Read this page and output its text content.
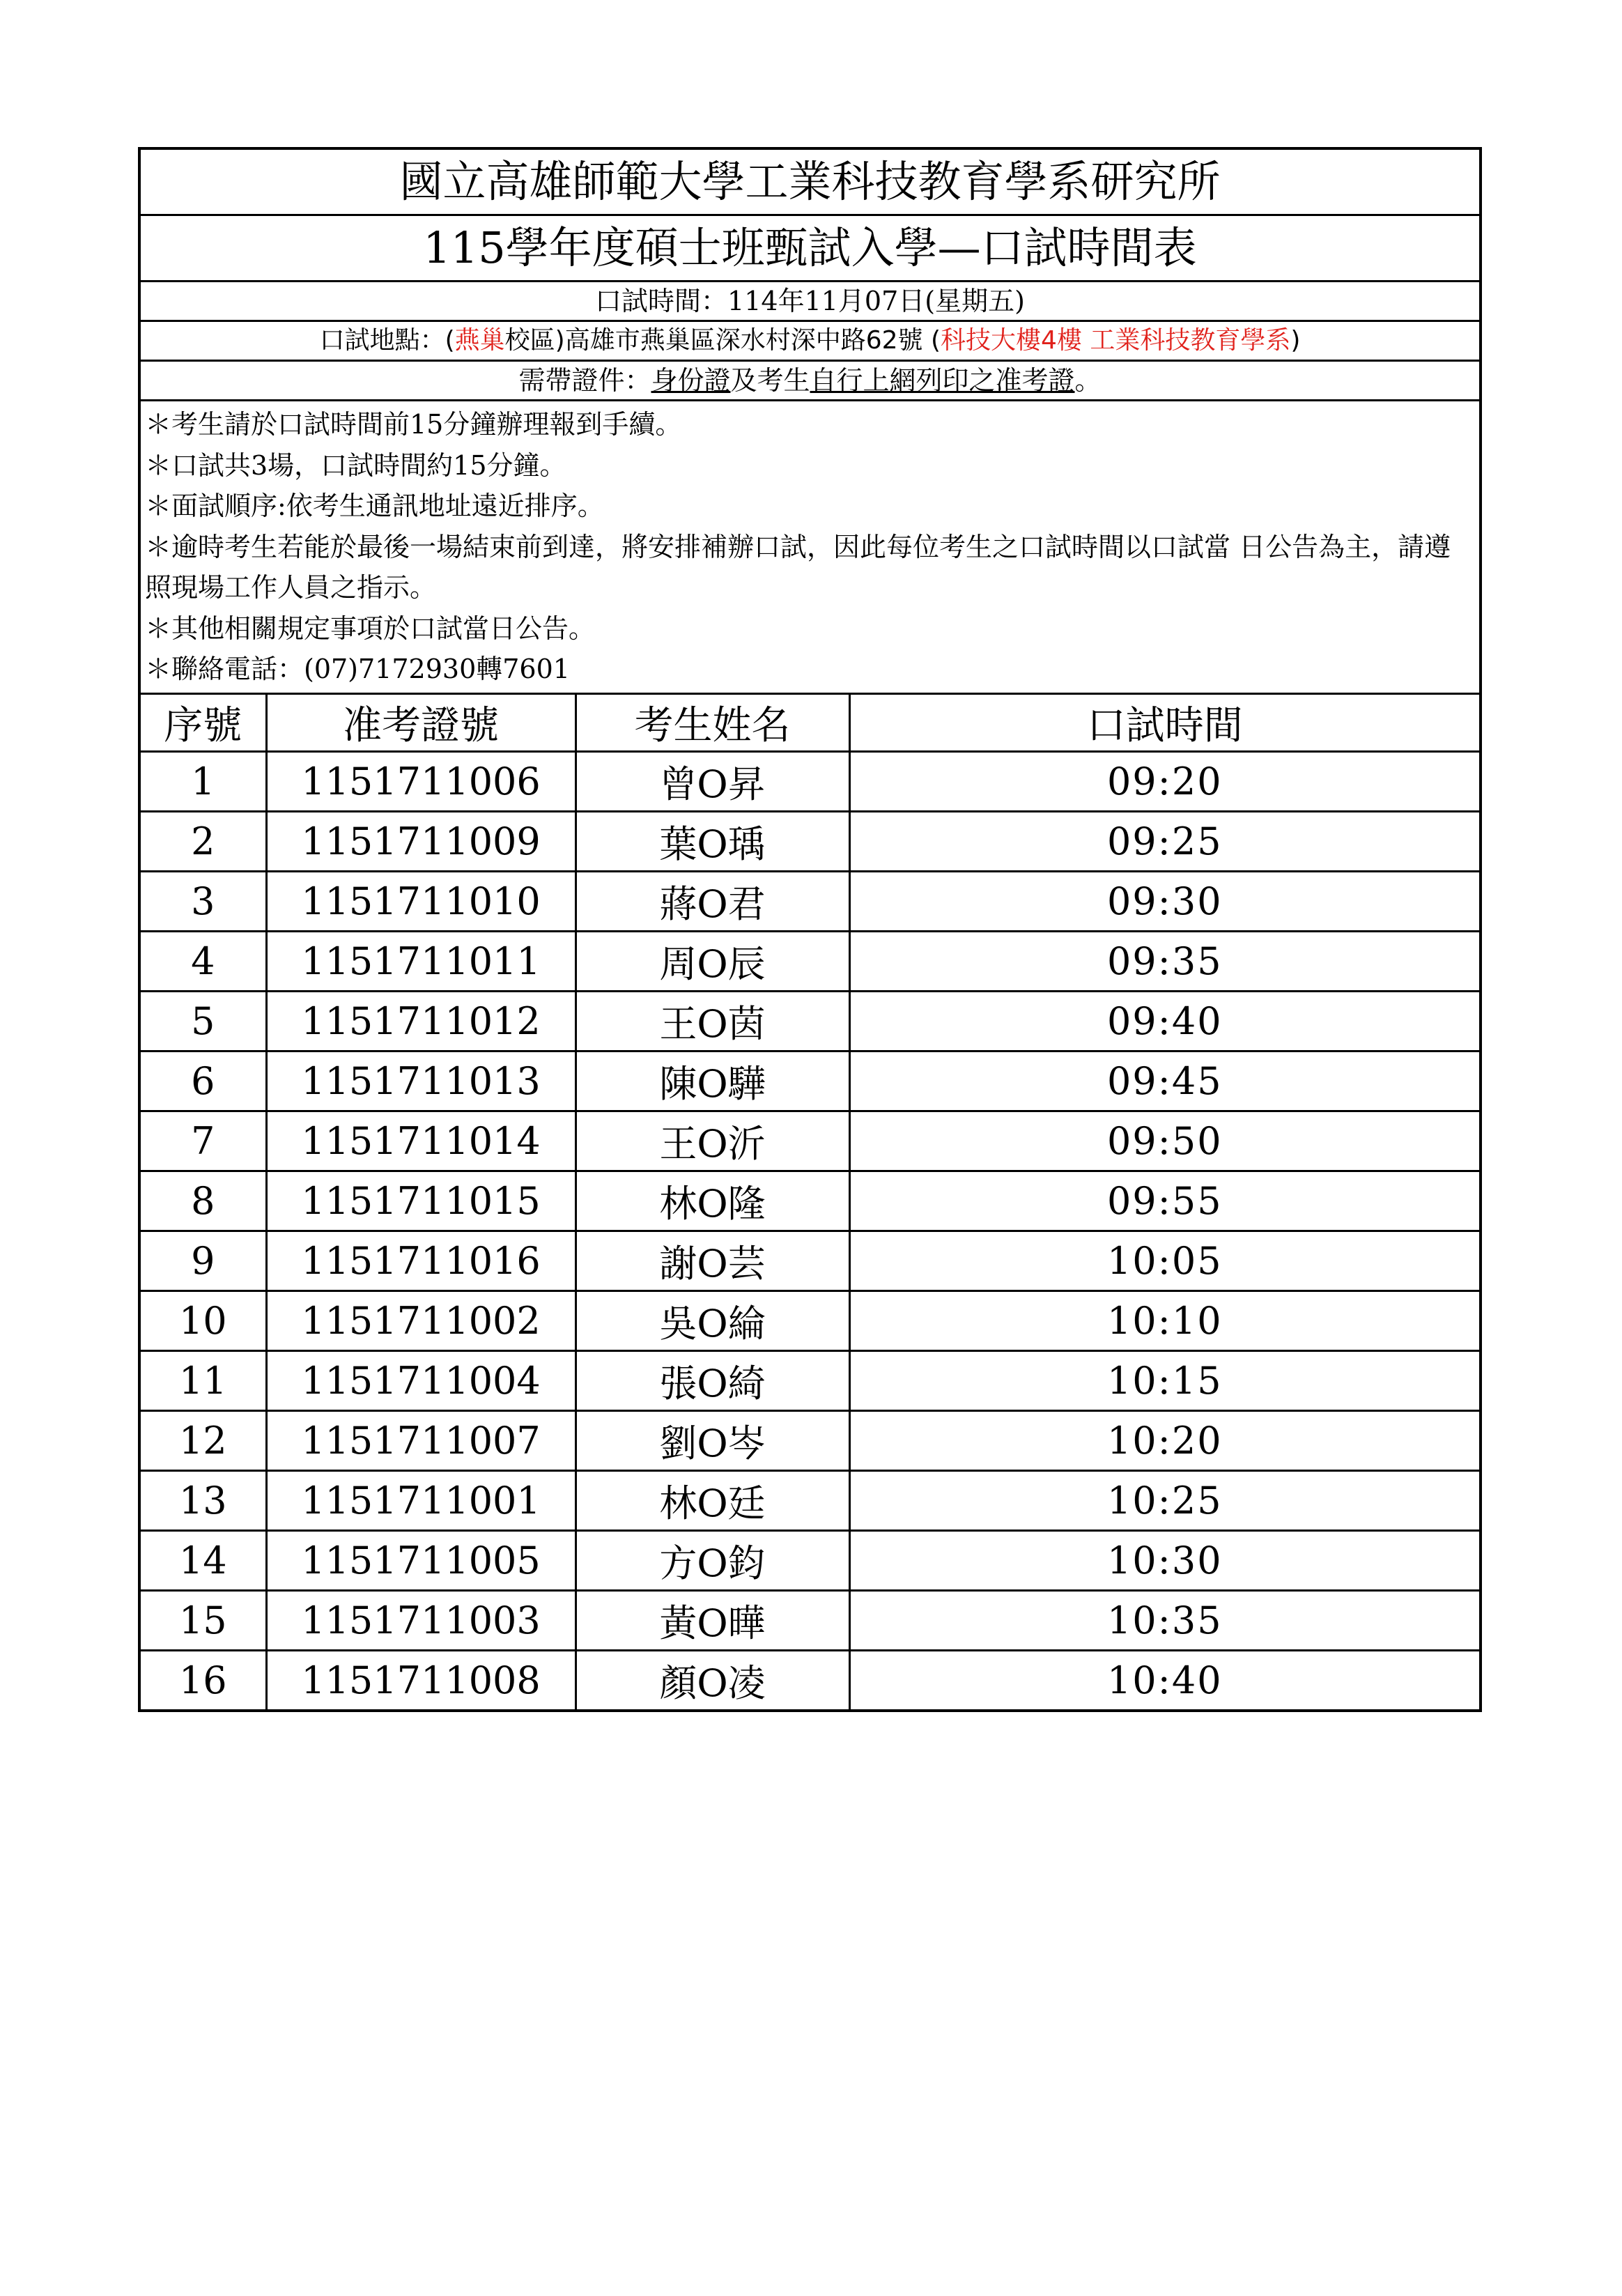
國立高雄師範大學工業科技教育學系研究所
115學年度碩士班甄試入學—口試時間表
口試時間：114年11月07日(星期五)
口試地點：( 燕巢 校區)高雄市燕巢區深水村深中路62號 ( 科技大樓4樓 工業科技教育學系 )
需帶證件： 身份證 及考生 自行上網列印之准考證 。
＊考生請於口試時間前15分鐘辦理報到手續。
＊口試共3場，口試時間約15分鐘。
＊面試順序:依考生通訊地址遠近排序。
＊逾時考生若能於最後一場結束前到達，將安排補辦口試，因此每位考生之口試時間以口試當 日公告為主，請遵照現場工作人員之指示。
＊其他相關規定事項於口試當日公告。
＊聯絡電話：(07)7172930轉7601
序號	准考證號	考生姓名	口試時間
1	1151711006	曾O昇	09:20
2	1151711009	葉O瑀	09:25
3	1151711010	蔣O君	09:30
4	1151711011	周O辰	09:35
5	1151711012	王O茵	09:40
6	1151711013	陳O驊	09:45
7	1151711014	王O沂	09:50
8	1151711015	林O隆	09:55
9	1151711016	謝O芸	10:05
10	1151711002	吳O綸	10:10
11	1151711004	張O綺	10:15
12	1151711007	劉O岑	10:20
13	1151711001	林O廷	10:25
14	1151711005	方O鈞	10:30
15	1151711003	黃O曄	10:35
16	1151711008	顏O凌	10:40
